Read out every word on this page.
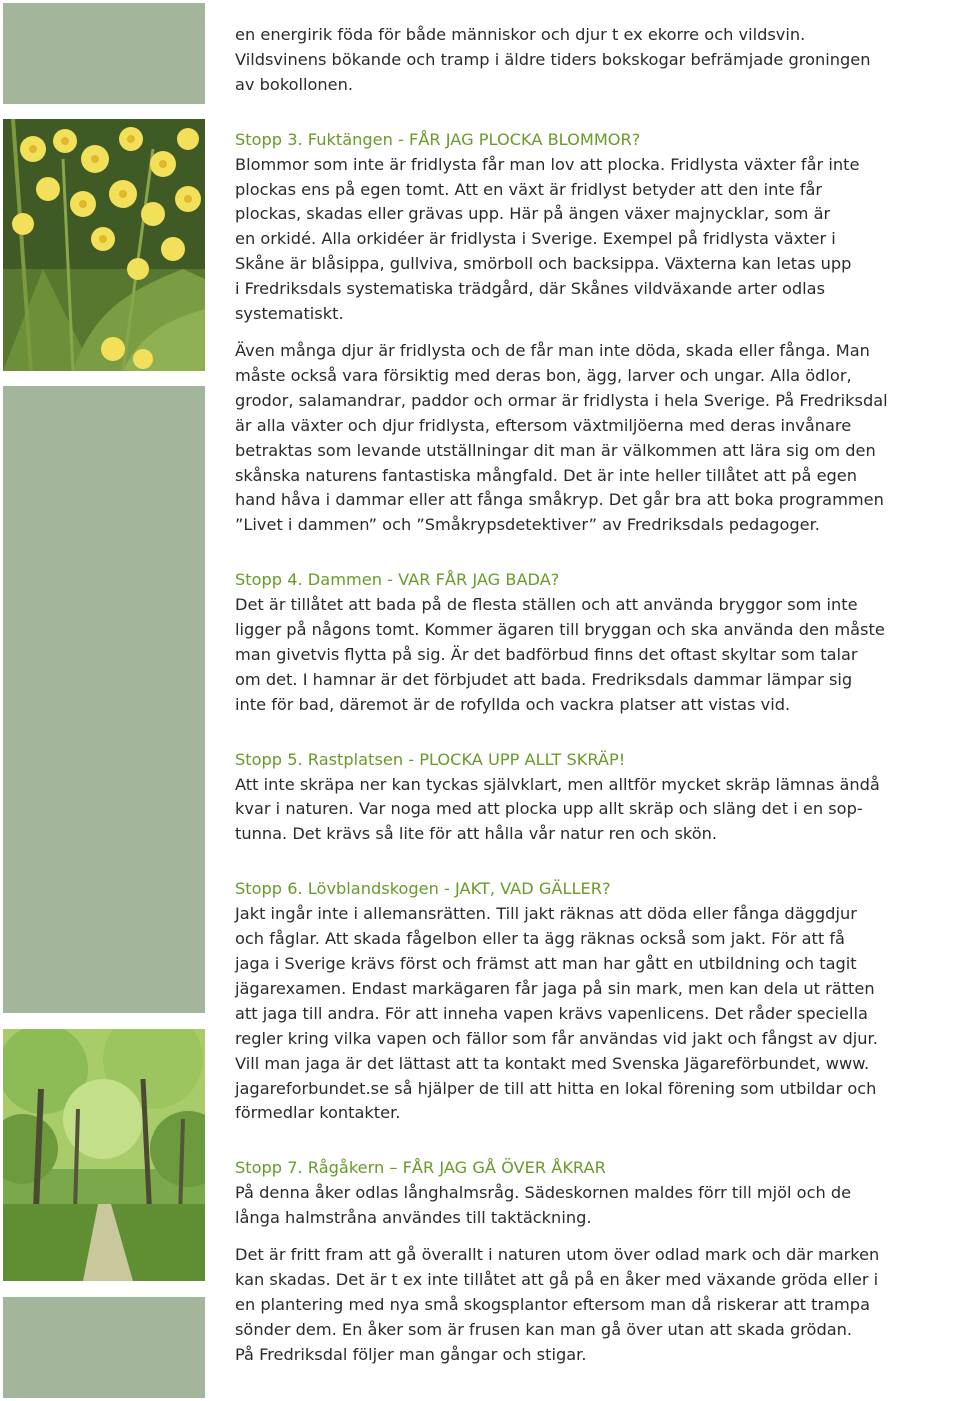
en energirik föda för både människor och djur t ex ekorre och vildsvin.
Vildsvinens bökande och tramp i äldre tiders bokskogar befrämjade groningen
av bokollonen.

Stopp 3. Fuktängen - FÅR JAG PLOCKA BLOMMOR?

Blommor som inte är fridlysta får man lov att plocka. Fridlysta växter får inte
plockas ens på egen tomt. Att en växt är fridlyst betyder att den inte får
plockas, skadas eller grävas upp. Här på ängen växer majnycklar, som är
en orkidé. Alla orkidéer är fridlysta i Sverige. Exempel på fridlysta växter i
Skåne är blåsippa, gullviva, smörboll och backsippa. Växterna kan letas upp
i Fredriksdals systematiska trädgård, där Skånes vildväxande arter odlas
systematiskt.

Även många djur är fridlysta och de får man inte döda, skada eller fånga. Man
måste också vara försiktig med deras bon, ägg, larver och ungar. Alla ödlor,
grodor, salamandrar, paddor och ormar är fridlysta i hela Sverige. På Fredriksdal
är alla växter och djur fridlysta, eftersom växtmiljöerna med deras invånare
betraktas som levande utställningar dit man är välkommen att lära sig om den
skånska naturens fantastiska mångfald. Det är inte heller tillåtet att på egen
hand håva i dammar eller att fånga småkryp. Det går bra att boka programmen
”Livet i dammen” och ”Småkrypsdetektiver” av Fredriksdals pedagoger.

Stopp 4. Dammen - VAR FÅR JAG BADA?

Det är tillåtet att bada på de flesta ställen och att använda bryggor som inte
ligger på någons tomt. Kommer ägaren till bryggan och ska använda den måste
man givetvis flytta på sig. Är det badförbud finns det oftast skyltar som talar
om det. I hamnar är det förbjudet att bada. Fredriksdals dammar lämpar sig
inte för bad, däremot är de rofyllda och vackra platser att vistas vid.

Stopp 5. Rastplatsen - PLOCKA UPP ALLT SKRÄP!

Att inte skräpa ner kan tyckas självklart, men alltför mycket skräp lämnas ändå
kvar i naturen. Var noga med att plocka upp allt skräp och släng det i en sop-
tunna. Det krävs så lite för att hålla vår natur ren och skön.

Stopp 6. Lövblandskogen - JAKT, VAD GÄLLER?

Jakt ingår inte i allemansrätten. Till jakt räknas att döda eller fånga däggdjur
och fåglar. Att skada fågelbon eller ta ägg räknas också som jakt. För att få
jaga i Sverige krävs först och främst att man har gått en utbildning och tagit
jägarexamen. Endast markägaren får jaga på sin mark, men kan dela ut rätten
att jaga till andra. För att inneha vapen krävs vapenlicens. Det råder speciella
regler kring vilka vapen och fällor som får användas vid jakt och fångst av djur.
Vill man jaga är det lättast att ta kontakt med Svenska Jägareförbundet, www.
jagareforbundet.se så hjälper de till att hitta en lokal förening som utbildar och
förmedlar kontakter.

Stopp 7. Rågåkern – FÅR JAG GÅ ÖVER ÅKRAR

På denna åker odlas långhalmsråg. Sädeskornen maldes förr till mjöl och de
långa halmstråna användes till taktäckning.

Det är fritt fram att gå överallt i naturen utom över odlad mark och där marken
kan skadas. Det är t ex inte tillåtet att gå på en åker med växande gröda eller i
en plantering med nya små skogsplantor eftersom man då riskerar att trampa
sönder dem. En åker som är frusen kan man gå över utan att skada grödan.
På Fredriksdal följer man gångar och stigar.
